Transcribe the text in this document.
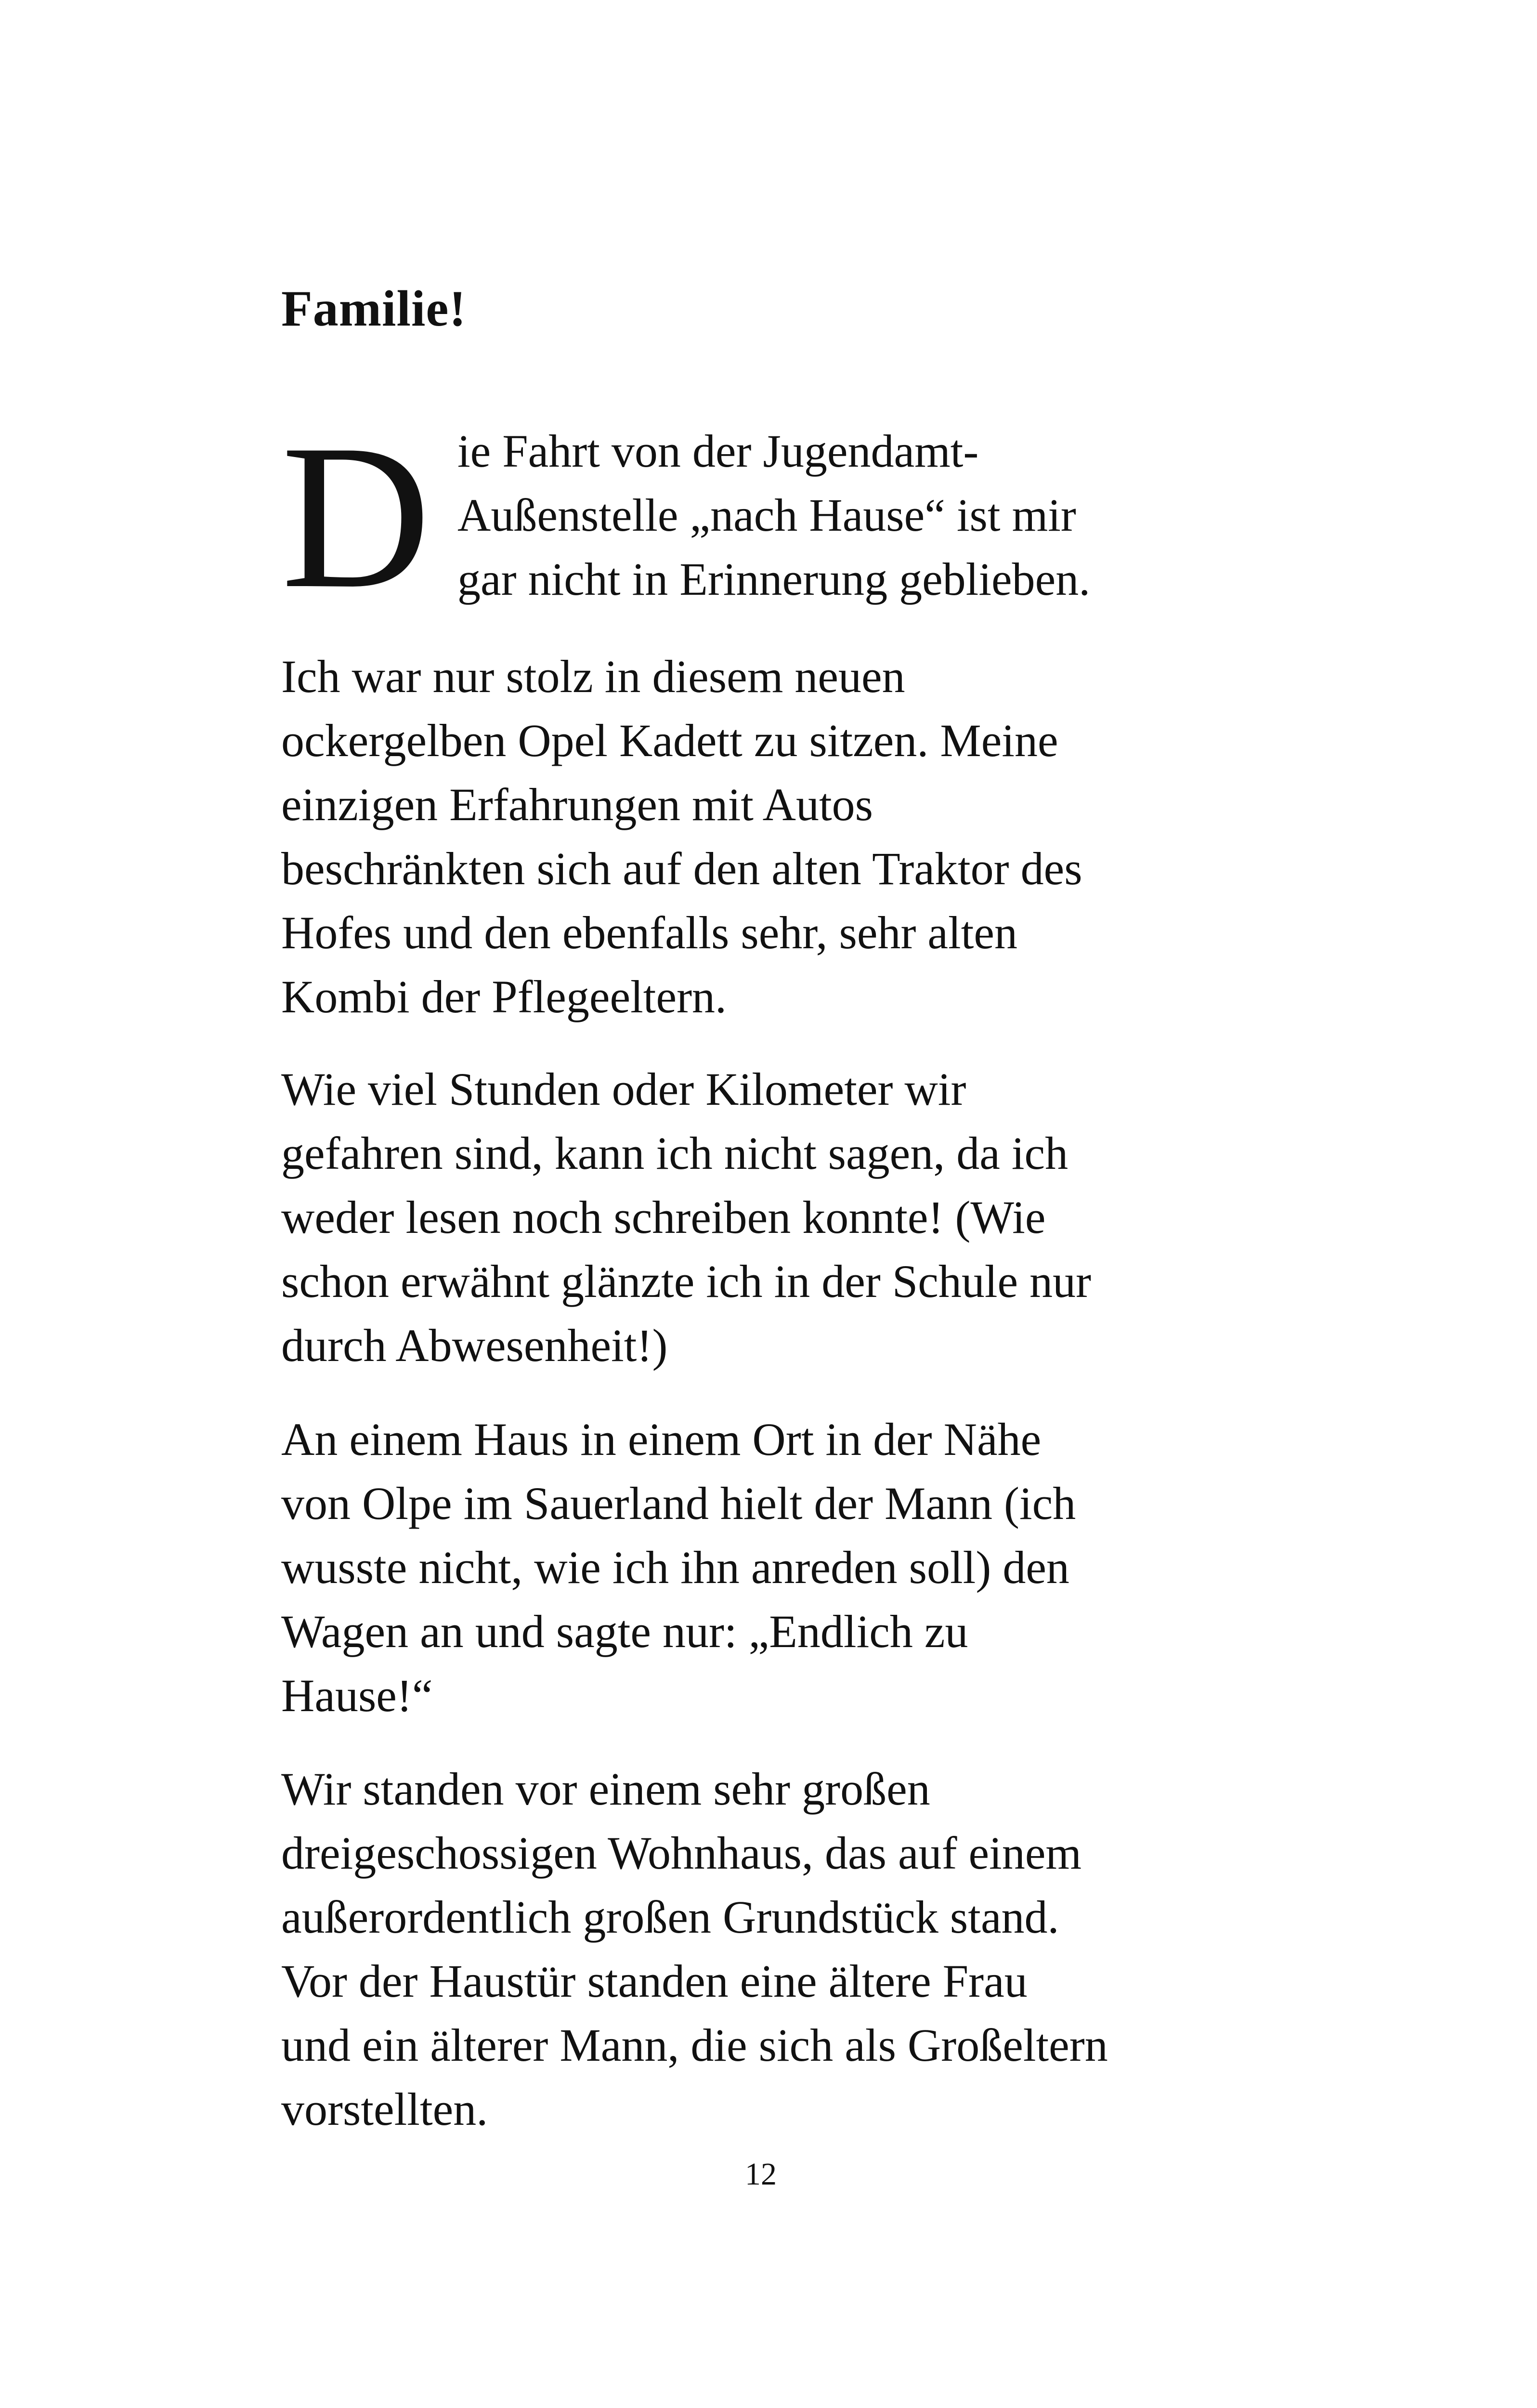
Familie!
D ie Fahrt von der Jugendamt-
Außenstelle „nach Hause“ ist mir
gar nicht in Erinnerung geblieben.

Ich war nur stolz in diesem neuen
ockergelben Opel Kadett zu sitzen. Meine
einzigen Erfahrungen mit Autos
beschränkten sich auf den alten Traktor des
Hofes und den ebenfalls sehr, sehr alten
Kombi der Pflegeeltern.

Wie viel Stunden oder Kilometer wir
gefahren sind, kann ich nicht sagen, da ich
weder lesen noch schreiben konnte! (Wie
schon erwähnt glänzte ich in der Schule nur
durch Abwesenheit!)

An einem Haus in einem Ort in der Nähe
von Olpe im Sauerland hielt der Mann (ich
wusste nicht, wie ich ihn anreden soll) den
Wagen an und sagte nur: „Endlich zu
Hause!“

Wir standen vor einem sehr großen
dreigeschossigen Wohnhaus, das auf einem
außerordentlich großen Grundstück stand.
Vor der Haustür standen eine ältere Frau
und ein älterer Mann, die sich als Großeltern
vorstellten.

12
